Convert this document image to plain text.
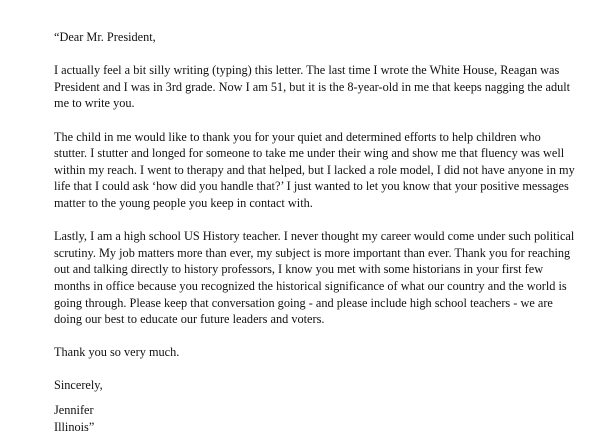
“Dear Mr. President,
I actually feel a bit silly writing (typing) this letter. The last time I wrote the White House, Reagan was
President and I was in 3rd grade. Now I am 51, but it is the 8-year-old in me that keeps nagging the adult
me to write you.
The child in me would like to thank you for your quiet and determined efforts to help children who
stutter. I stutter and longed for someone to take me under their wing and show me that fluency was well
within my reach. I went to therapy and that helped, but I lacked a role model, I did not have anyone in my
life that I could ask ‘how did you handle that?’ I just wanted to let you know that your positive messages
matter to the young people you keep in contact with.
Lastly, I am a high school US History teacher. I never thought my career would come under such political
scrutiny. My job matters more than ever, my subject is more important than ever. Thank you for reaching
out and talking directly to history professors, I know you met with some historians in your first few
months in office because you recognized the historical significance of what our country and the world is
going through. Please keep that conversation going - and please include high school teachers - we are
doing our best to educate our future leaders and voters.
Thank you so very much.
Sincerely,
Jennifer
Illinois”
